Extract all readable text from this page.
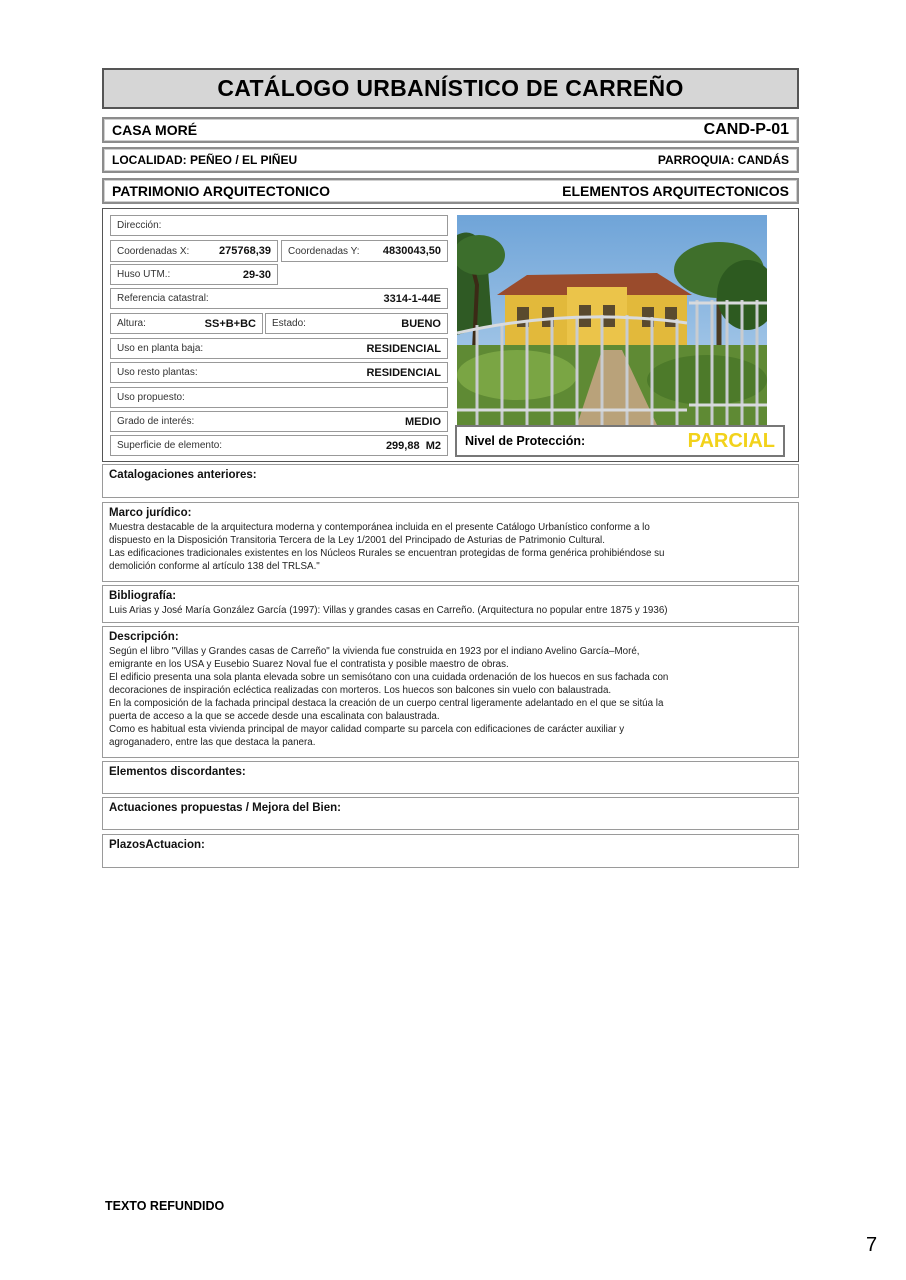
CATÁLOGO URBANÍSTICO DE CARREÑO
CASA MORÉ	CAND-P-01
LOCALIDAD: PEÑEO / EL PIÑEU	PARROQUIA: CANDÁS
PATRIMONIO ARQUITECTONICO	ELEMENTOS ARQUITECTONICOS
Dirección:
Coordenadas X:	275768,39 Coordenadas Y: 4830043,50
Huso UTM.:	29-30
Referencia catastral:	3314-1-44E
Altura:	SS+B+BC Estado:	BUENO
Uso en planta baja:	RESIDENCIAL
Uso resto plantas:	RESIDENCIAL
Uso propuesto:
Grado de interés:	MEDIO
Superficie de elemento:	299,88 M2 Nivel de Protección:	PARCIAL
Catalogaciones anteriores:
Marco jurídico:

Muestra destacable de la arquitectura moderna y contemporánea incluida en el presente Catálogo Urbanístico conforme a lo

dispuesto en la Disposición Transitoria Tercera de la Ley 1/2001 del Principado de Asturias de Patrimonio Cultural.

Las edificaciones tradicionales existentes en los Núcleos Rurales se encuentran protegidas de forma genérica prohibiéndose su

demolición conforme al artículo 138 del TRLSA."

Bibliografía:

Luis Arias y José María González García (1997): Villas y grandes casas en Carreño. (Arquitectura no popular entre 1875 y 1936)

Descripción:

Según el libro "Villas y Grandes casas de Carreño" la vivienda fue construida en 1923 por el indiano Avelino García–Moré,

emigrante en los USA y Eusebio Suarez Noval fue el contratista y posible maestro de obras.

El edificio presenta una sola planta elevada sobre un semisótano con una cuidada ordenación de los huecos en sus fachada con

decoraciones de inspiración ecléctica realizadas con morteros. Los huecos son balcones sin vuelo con balaustrada.

En la composición de la fachada principal destaca la creación de un cuerpo central ligeramente adelantado en el que se sitúa la

puerta de acceso a la que se accede desde una escalinata con balaustrada.

Como es habitual esta vivienda principal de mayor calidad comparte su parcela con edificaciones de carácter auxiliar y

agroganadero, entre las que destaca la panera.

Elementos discordantes:
Actuaciones propuestas / Mejora del Bien:
PlazosActuacion:
TEXTO REFUNDIDO
7
